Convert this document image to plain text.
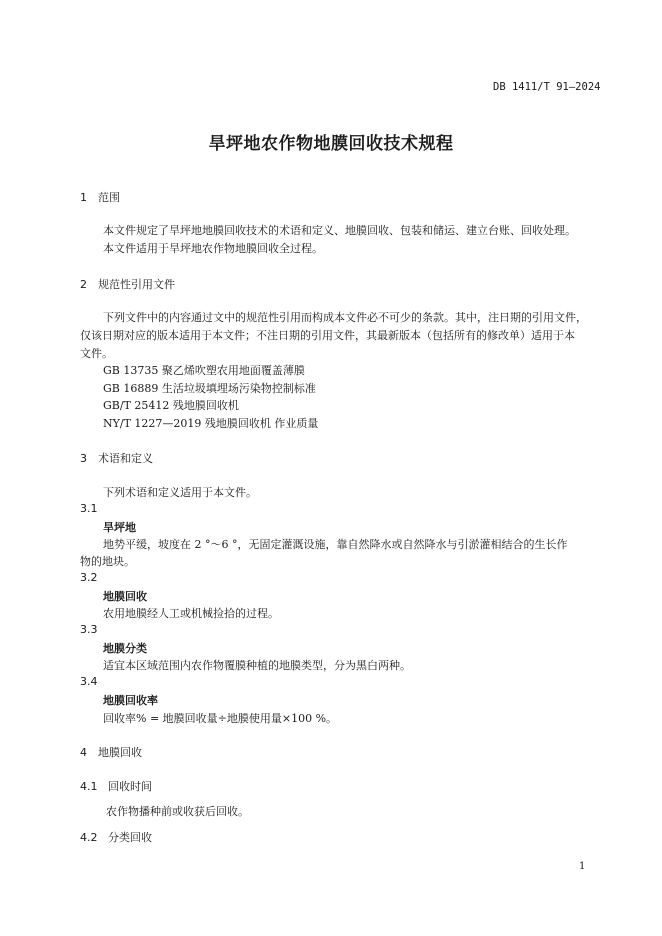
DB 1411/T 91—2024
旱坪地农作物地膜回收技术规程
1 范围
本文件规定了旱坪地地膜回收技术的术语和定义、地膜回收、包装和储运、建立台账、回收处理。
本文件适用于旱坪地农作物地膜回收全过程。
2 规范性引用文件
下列文件中的内容通过文中的规范性引用而构成本文件必不可少的条款。其中，注日期的引用文件，
仅该日期对应的版本适用于本文件；不注日期的引用文件，其最新版本（包括所有的修改单）适用于本
文件。
GB 13735 聚乙烯吹塑农用地面覆盖薄膜
GB 16889 生活垃圾填埋场污染物控制标准
GB/T 25412 残地膜回收机
NY/T 1227—2019 残地膜回收机 作业质量
3 术语和定义
下列术语和定义适用于本文件。
3.1
旱坪地
地势平缓，坡度在 2 °～6 °，无固定灌溉设施，靠自然降水或自然降水与引淤灌相结合的生长作
物的地块。
3.2
地膜回收
农用地膜经人工或机械捡拾的过程。
3.3
地膜分类
适宜本区域范围内农作物覆膜种植的地膜类型，分为黑白两种。
3.4
地膜回收率
回收率% = 地膜回收量÷地膜使用量×100 %。
4 地膜回收
4.1 回收时间
农作物播种前或收获后回收。
4.2 分类回收
1
